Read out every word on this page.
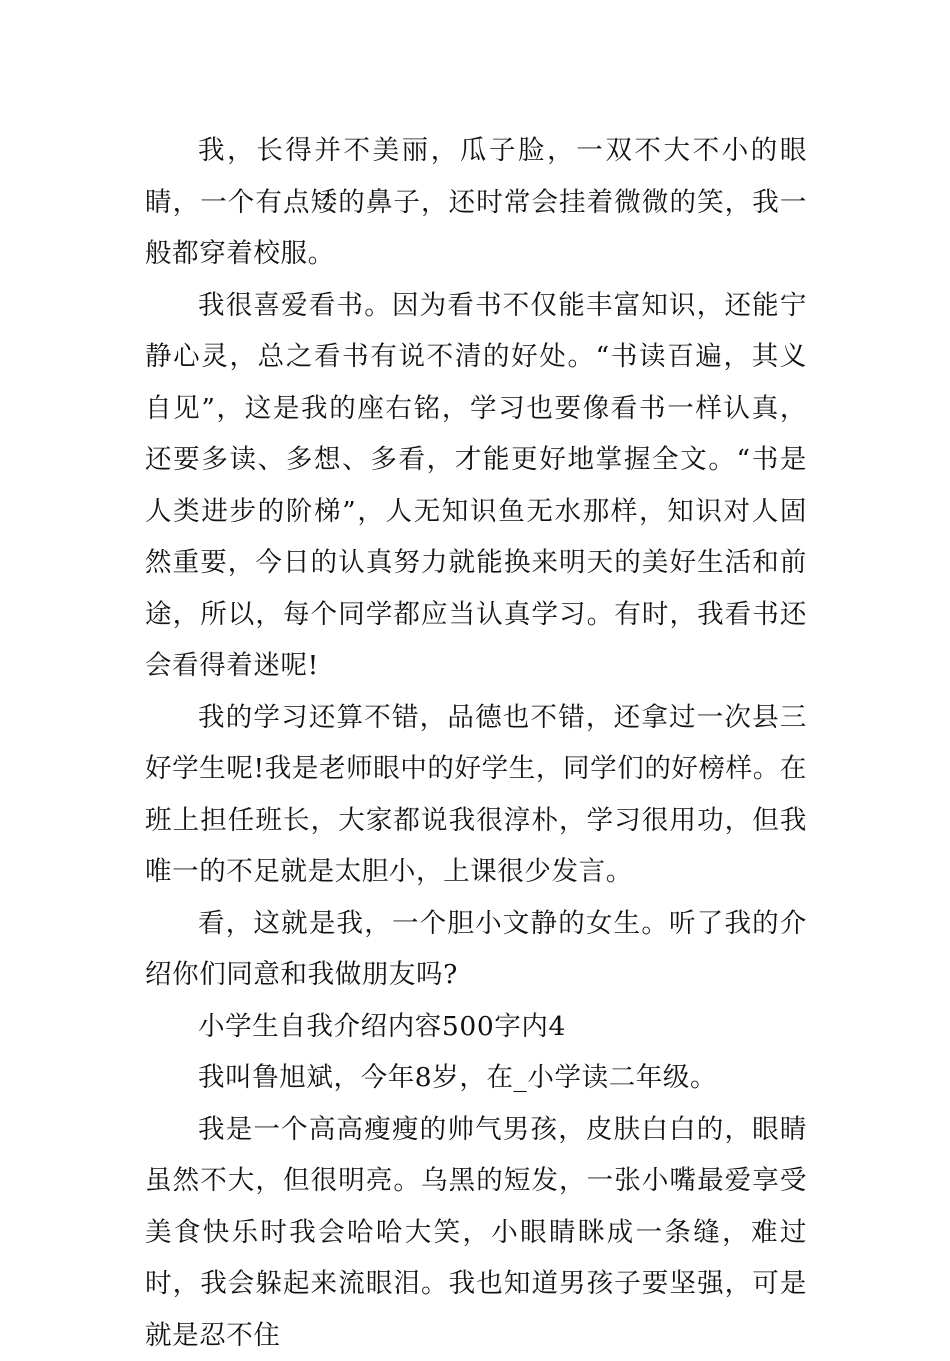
我，长得并不美丽，瓜子脸，一双不大不小的眼睛，一个有点矮的鼻子，还时常会挂着微微的笑，我一般都穿着校服。

我很喜爱看书。因为看书不仅能丰富知识，还能宁静心灵，总之看书有说不清的好处。“书读百遍，其义自见”，这是我的座右铭，学习也要像看书一样认真，还要多读、多想、多看，才能更好地掌握全文。“书是人类进步的阶梯”，人无知识鱼无水那样，知识对人固然重要，今日的认真努力就能换来明天的美好生活和前途，所以，每个同学都应当认真学习。有时，我看书还会看得着迷呢!

我的学习还算不错，品德也不错，还拿过一次县三好学生呢!我是老师眼中的好学生，同学们的好榜样。在班上担任班长，大家都说我很淳朴，学习很用功，但我唯一的不足就是太胆小，上课很少发言。

看，这就是我，一个胆小文静的女生。听了我的介绍你们同意和我做朋友吗?

小学生自我介绍内容500字内4

我叫鲁旭斌，今年8岁，在_小学读二年级。

我是一个高高瘦瘦的帅气男孩，皮肤白白的，眼睛虽然不大，但很明亮。乌黑的短发，一张小嘴最爱享受美食快乐时我会哈哈大笑，小眼睛眯成一条缝，难过时，我会躲起来流眼泪。我也知道男孩子要坚强，可是就是忍不住
